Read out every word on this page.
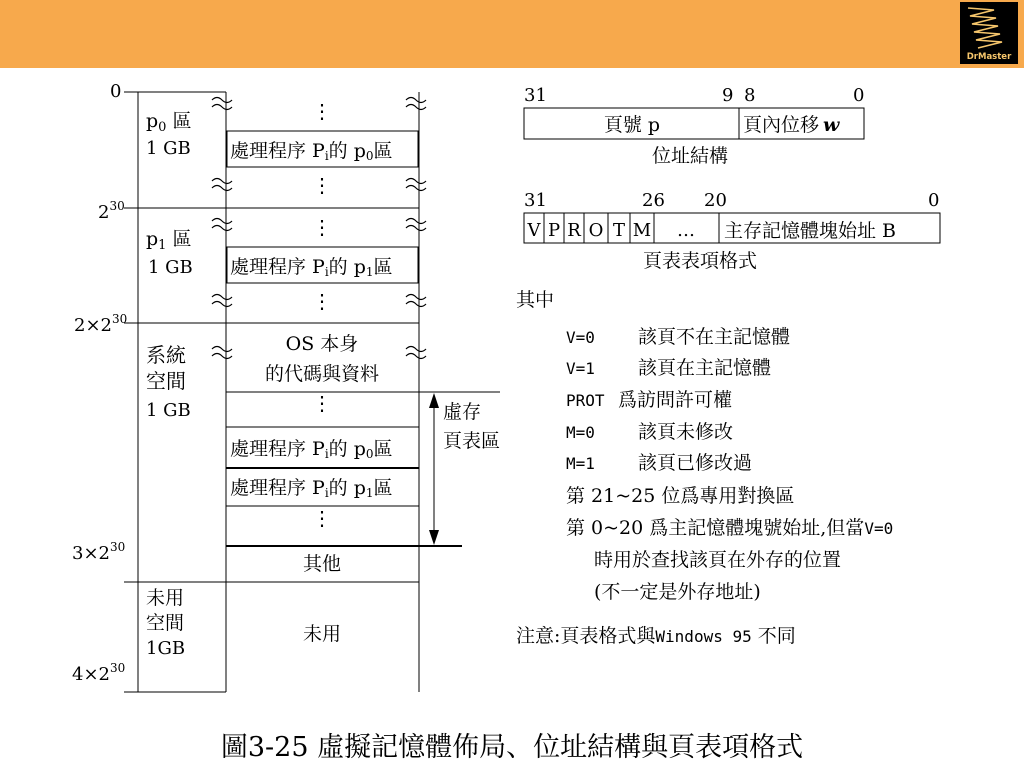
DrMaster
0
$2^{30}$
$2\times 2^{30}$
$3\times 2^{30}$
$4\times 2^{30}$
$p_0$ 區
1 GB
$p_1$ 區
1 GB
系統
空間
1 GB
未用
空間
1GB
⋮
處理程序 Pi的 p0區
⋮
⋮
處理程序 Pi的 p1區
⋮
OS 本身
的代碼與資料
⋮
處理程序 Pi的 p0區
處理程序 Pi的 p1區
⋮
其他
未用
虛存
頁表區
31	9 8	0
頁號 p	頁內位移 w
位址結構
31	26 20	0
V P R O T M … 主存記憶體塊始址 B
頁表表項格式
其中
V=0 該頁不在主記憶體
V=1 該頁在主記憶體
PROT 爲訪問許可權
M=0 該頁未修改
M=1 該頁已修改過
第 21~25 位爲專用對換區
第 0~20 爲主記憶體塊號始址,但當V=0
時用於查找該頁在外存的位置
(不一定是外存地址)
注意:頁表格式與Windows 95 不同
圖3-25 虛擬記憶體佈局、位址結構與頁表項格式
